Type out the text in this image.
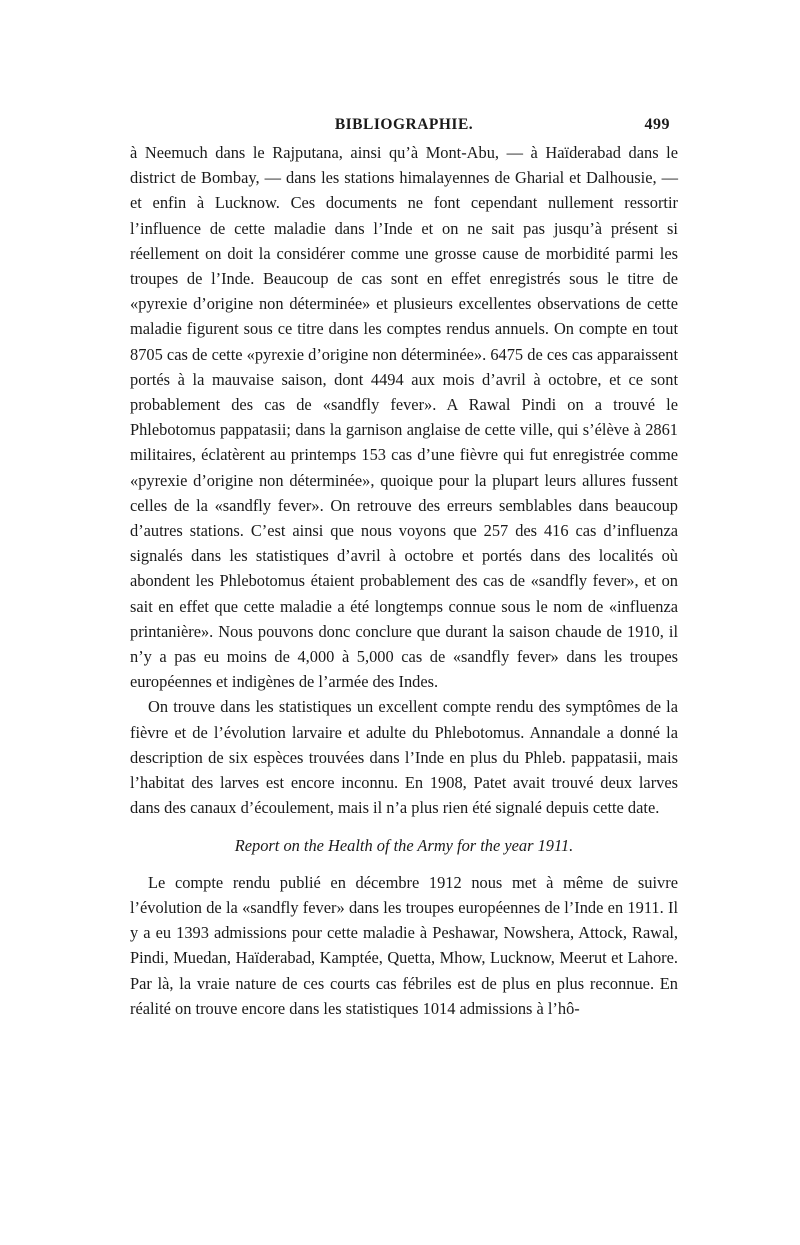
BIBLIOGRAPHIE.	499

à Neemuch dans le Rajputana, ainsi qu’à Mont-Abu, — à Haïderabad dans le district de Bombay, — dans les stations himalayennes de Gharial et Dalhousie, — et enfin à Lucknow. Ces documents ne font cependant nullement ressortir l’influence de cette maladie dans l’Inde et on ne sait pas jusqu’à présent si réellement on doit la considérer comme une grosse cause de morbidité parmi les troupes de l’Inde. Beaucoup de cas sont en effet enregistrés sous le titre de «pyrexie d’origine non déterminée» et plusieurs excellentes observations de cette maladie figurent sous ce titre dans les comptes rendus annuels. On compte en tout 8705 cas de cette «pyrexie d’origine non déterminée». 6475 de ces cas apparaissent portés à la mauvaise saison, dont 4494 aux mois d’avril à octobre, et ce sont probablement des cas de «sandfly fever». A Rawal Pindi on a trouvé le Phlebotomus pappatasii; dans la garnison anglaise de cette ville, qui s’élève à 2861 militaires, éclatèrent au printemps 153 cas d’une fièvre qui fut enregistrée comme «pyrexie d’origine non déterminée», quoique pour la plupart leurs allures fussent celles de la «sandfly fever». On retrouve des erreurs semblables dans beaucoup d’autres stations. C’est ainsi que nous voyons que 257 des 416 cas d’influenza signalés dans les statistiques d’avril à octobre et portés dans des localités où abondent les Phlebotomus étaient probablement des cas de «sandfly fever», et on sait en effet que cette maladie a été longtemps connue sous le nom de «influenza printanière». Nous pouvons donc conclure que durant la saison chaude de 1910, il n’y a pas eu moins de 4,000 à 5,000 cas de «sandfly fever» dans les troupes européennes et indigènes de l’armée des Indes.

On trouve dans les statistiques un excellent compte rendu des symptômes de la fièvre et de l’évolution larvaire et adulte du Phlebotomus. Annandale a donné la description de six espèces trouvées dans l’Inde en plus du Phleb. pappatasii, mais l’habitat des larves est encore inconnu. En 1908, Patet avait trouvé deux larves dans des canaux d’écoulement, mais il n’a plus rien été signalé depuis cette date.

Report on the Health of the Army for the year 1911.

Le compte rendu publié en décembre 1912 nous met à même de suivre l’évolution de la «sandfly fever» dans les troupes européennes de l’Inde en 1911. Il y a eu 1393 admissions pour cette maladie à Peshawar, Nowshera, Attock, Rawal, Pindi, Muedan, Haïderabad, Kamptée, Quetta, Mhow, Lucknow, Meerut et Lahore. Par là, la vraie nature de ces courts cas fébriles est de plus en plus reconnue. En réalité on trouve encore dans les statistiques 1014 admissions à l’hô-
